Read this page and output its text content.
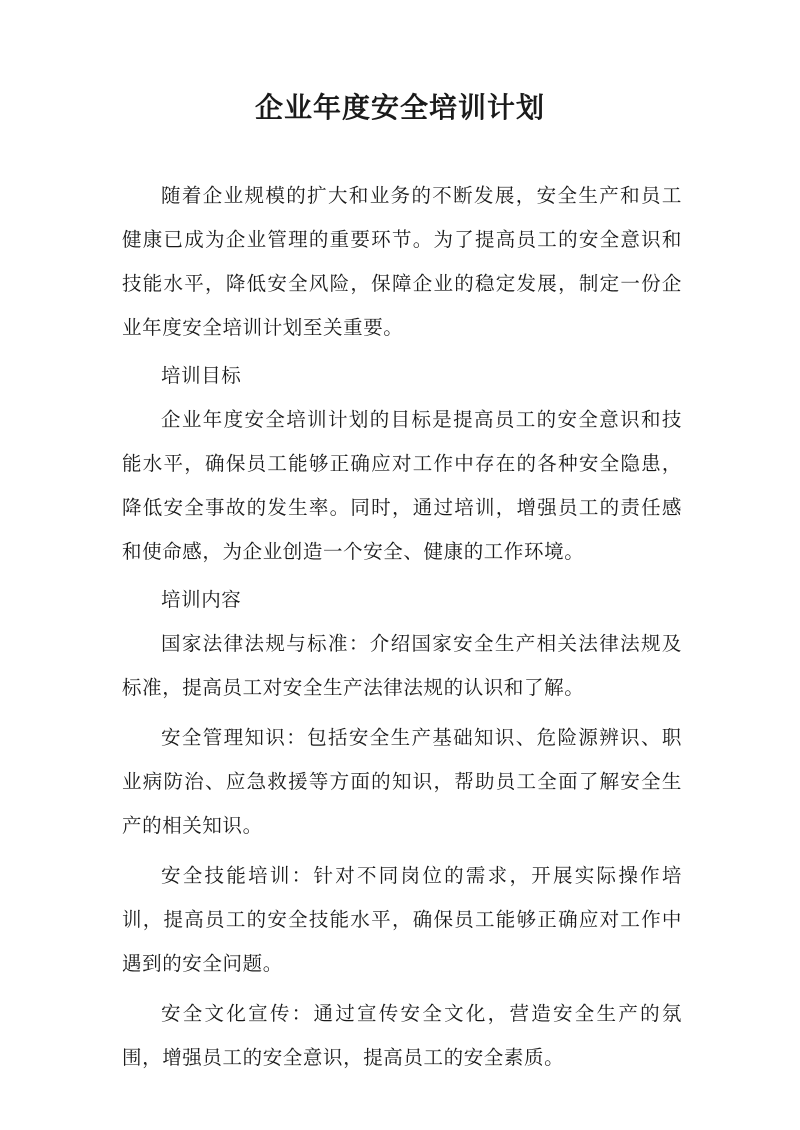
企业年度安全培训计划

随着企业规模的扩大和业务的不断发展，安全生产和员工健康已成为企业管理的重要环节。为了提高员工的安全意识和技能水平，降低安全风险，保障企业的稳定发展，制定一份企业年度安全培训计划至关重要。

培训目标

企业年度安全培训计划的目标是提高员工的安全意识和技能水平，确保员工能够正确应对工作中存在的各种安全隐患，降低安全事故的发生率。同时，通过培训，增强员工的责任感和使命感，为企业创造一个安全、健康的工作环境。

培训内容

国家法律法规与标准：介绍国家安全生产相关法律法规及标准，提高员工对安全生产法律法规的认识和了解。

安全管理知识：包括安全生产基础知识、危险源辨识、职业病防治、应急救援等方面的知识，帮助员工全面了解安全生产的相关知识。

安全技能培训：针对不同岗位的需求，开展实际操作培训，提高员工的安全技能水平，确保员工能够正确应对工作中遇到的安全问题。

安全文化宣传：通过宣传安全文化，营造安全生产的氛围，增强员工的安全意识，提高员工的安全素质。
